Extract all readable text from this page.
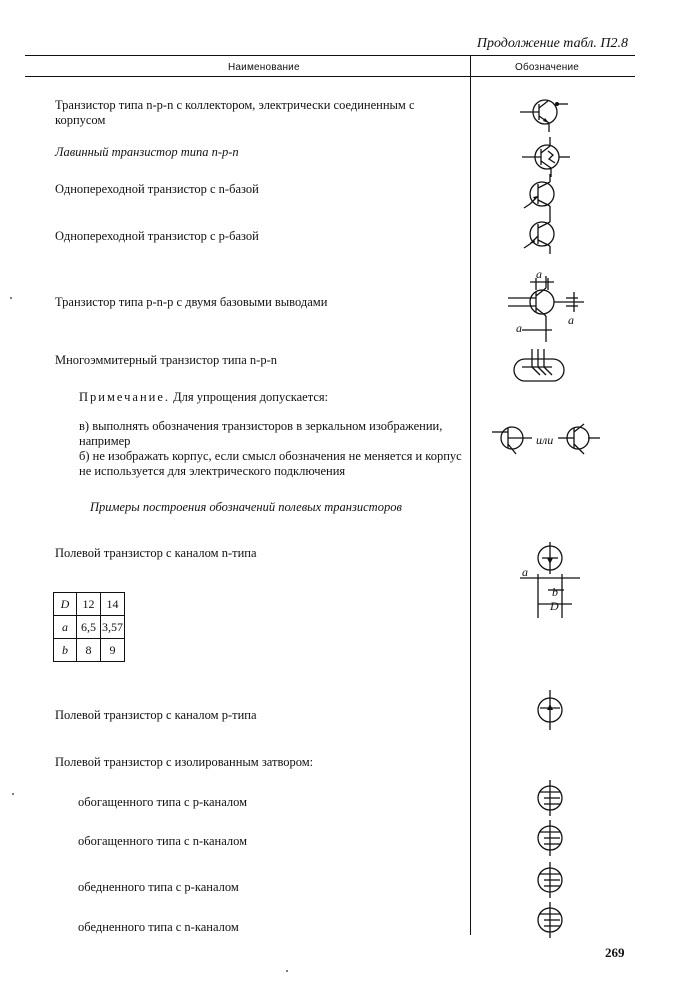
Продолжение табл. П2.8
Наименование	Обозначение
Транзистор типа n-p-n с коллектором, электрически соединенным с корпусом
Лавинный транзистор типа n-p-n
Однопереходной транзистор с n-базой
Однопереходной транзистор с p-базой
Транзистор типа p-n-p с двумя базовыми выводами
Многоэммитерный транзистор типа n-p-n
Примечание. Для упрощения допускается:
в) выполнять обозначения транзисторов в зеркальном изображении, например
б) не изображать корпус, если смысл обозначения не меняется и корпус не используется для электрического подключения
Примеры построения обозначений полевых транзисторов
Полевой транзистор с каналом n-типа
Полевой транзистор с каналом p-типа
Полевой транзистор с изолированным затвором:
обогащенного типа с p-каналом
обогащенного типа с n-каналом
обедненного типа с p-каналом
обедненного типа с n-каналом
D	12	14
a	6,5	3,57
b	8	9
a
a
a
или
a
b
D
269
